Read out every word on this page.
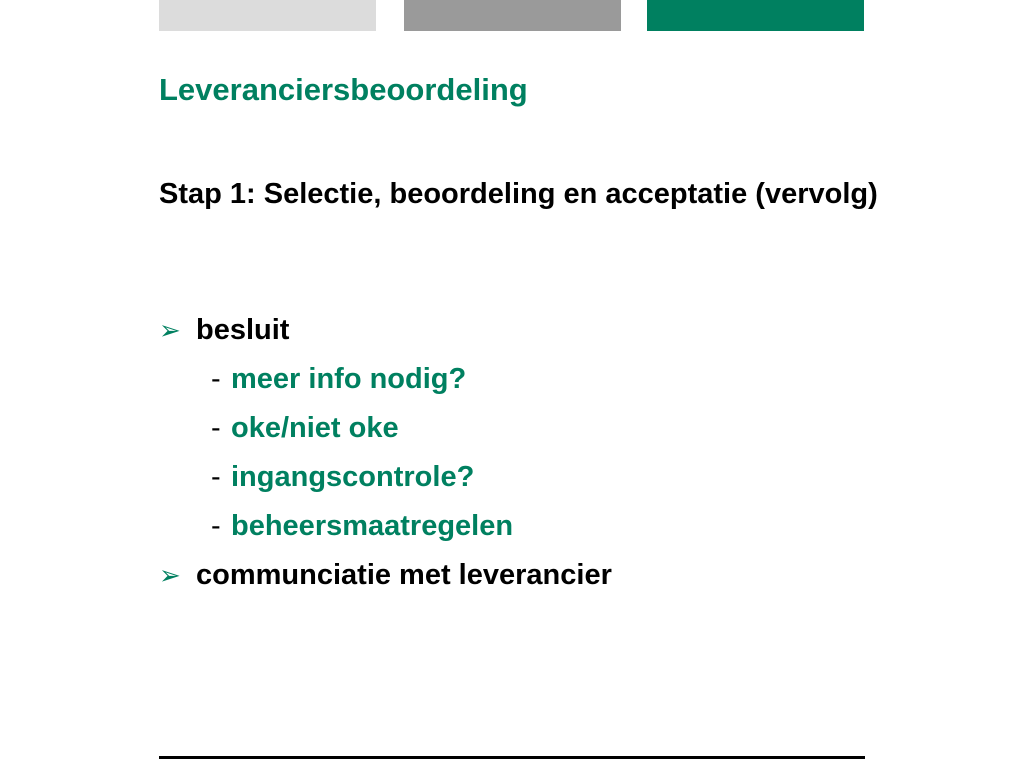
Leveranciersbeoordeling

Stap 1: Selectie, beoordeling en acceptatie (vervolg)

➢ besluit
- meer info nodig?
- oke/niet oke
- ingangscontrole?
- beheersmaatregelen
➢ communciatie met leverancier
